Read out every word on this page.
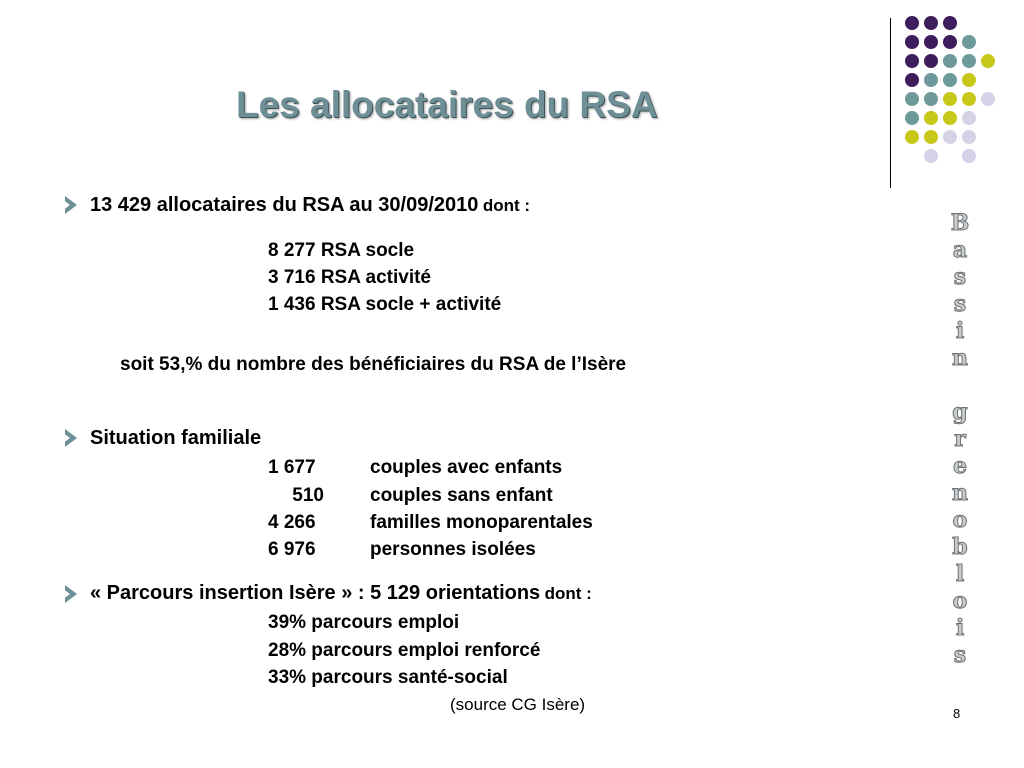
Les allocataires du RSA
13 429 allocataires du RSA au 30/09/2010 dont :
8 277 RSA socle
3 716 RSA activité
1 436 RSA socle + activité
soit 53,% du nombre des bénéficiaires du RSA de l’Isère
Situation familiale
1 677	couples avec enfants
510 couples sans enfant
4 266	familles monoparentales
6 976	personnes isolées
« Parcours insertion Isère » : 5 129 orientations dont :
39% parcours emploi
28% parcours emploi renforcé
33% parcours santé-social
(source CG Isère)	8
B
a
s
s
i
n

g
r
e
n
o
b
l
o
i
s
